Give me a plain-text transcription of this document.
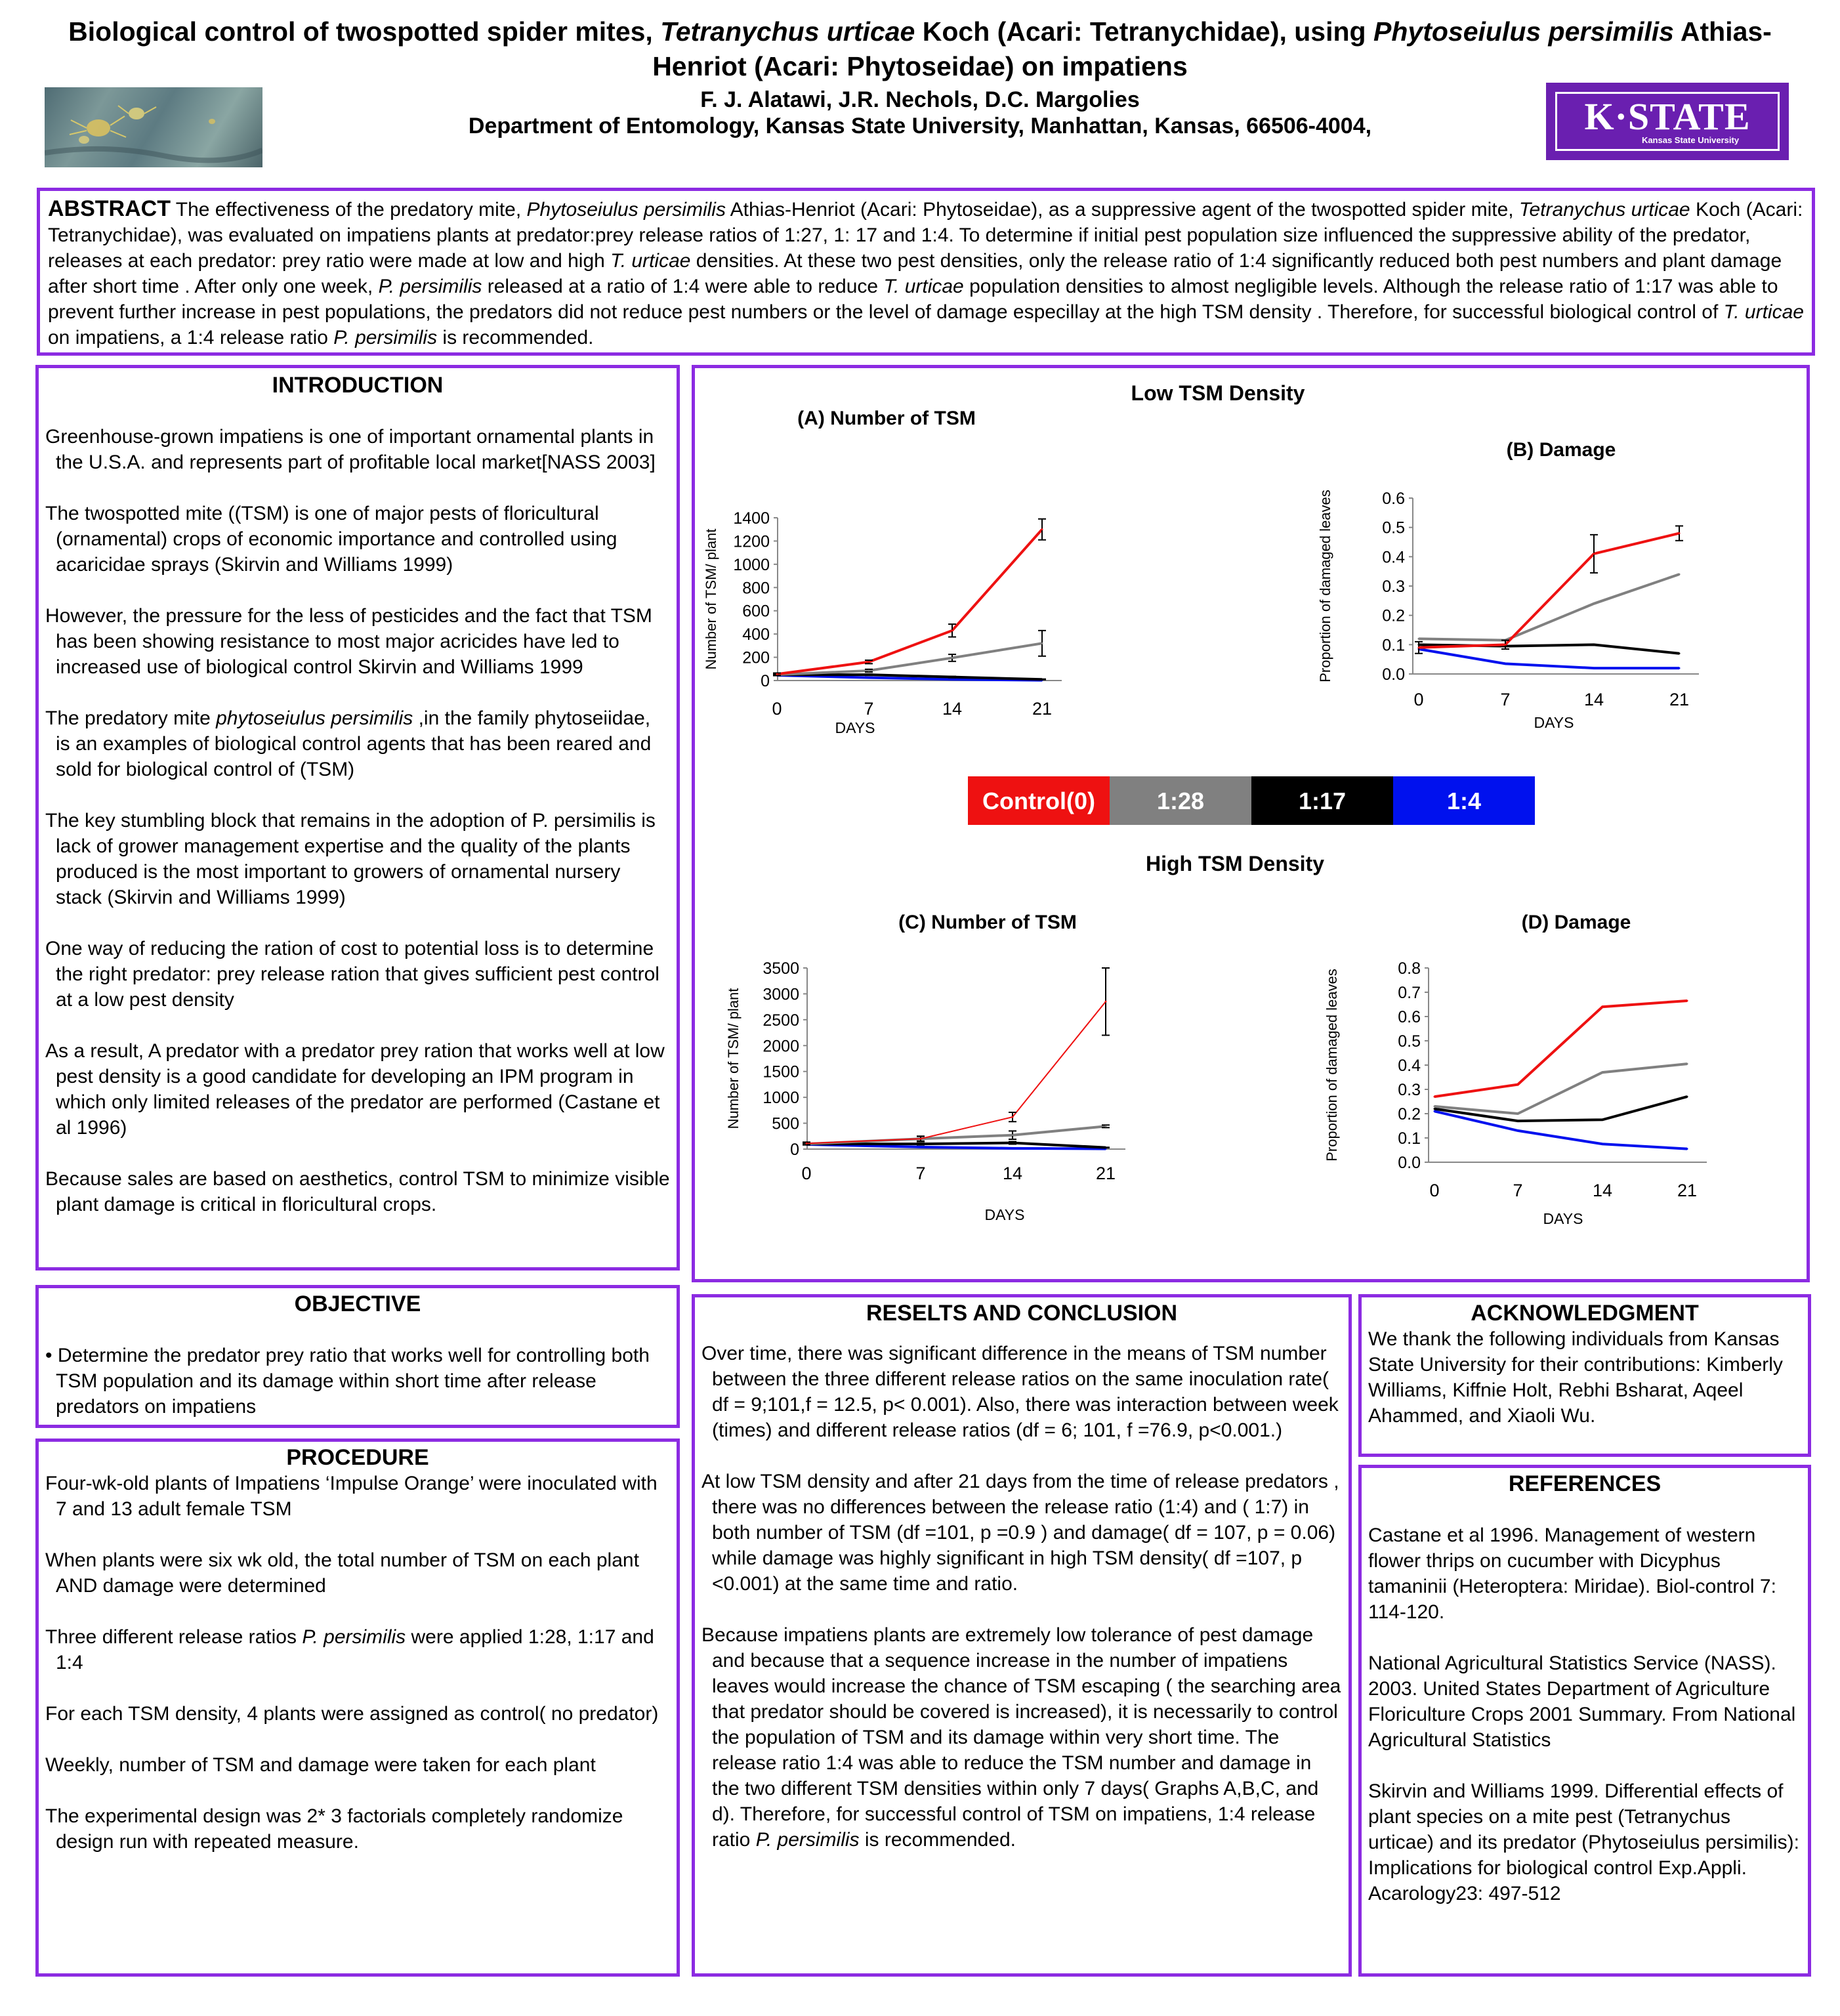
Biological control of twospotted spider mites, Tetranychus urticae Koch (Acari: Tetranychidae), using Phytoseiulus persimilis Athias-Henriot (Acari: Phytoseidae) on impatiens
F. J. Alatawi, J.R. Nechols, D.C. Margolies
Department of Entomology, Kansas State University, Manhattan, Kansas, 66506-4004,	K·STATE
Kansas State University
ABSTRACT The effectiveness of the predatory mite, Phytoseiulus persimilis Athias-Henriot (Acari: Phytoseidae), as a suppressive agent of the twospotted spider mite, Tetranychus urticae Koch (Acari: Tetranychidae), was evaluated on impatiens plants at predator:prey release ratios of 1:27, 1: 17 and 1:4. To determine if initial pest population size influenced the suppressive ability of the predator, releases at each predator: prey ratio were made at low and high T. urticae densities. At these two pest densities, only the release ratio of 1:4 significantly reduced both pest numbers and plant damage after short time . After only one week, P. persimilis released at a ratio of 1:4 were able to reduce T. urticae population densities to almost negligible levels. Although the release ratio of 1:17 was able to prevent further increase in pest populations, the predators did not reduce pest numbers or the level of damage especillay at the high TSM density . Therefore, for successful biological control of T. urticae on impatiens, a 1:4 release ratio P. persimilis is recommended.
INTRODUCTION

Greenhouse-grown impatiens is one of important ornamental plants in the U.S.A. and represents part of profitable local market[NASS 2003]

The twospotted mite ((TSM) is one of major pests of floricultural (ornamental) crops of economic importance and controlled using acaricidae sprays (Skirvin and Williams 1999)

However, the pressure for the less of pesticides and the fact that TSM has been showing resistance to most major acricides have led to increased use of biological control Skirvin and Williams 1999

The predatory mite phytoseiulus persimilis ,in the family phytoseiidae, is an examples of biological control agents that has been reared and sold for biological control of (TSM)

The key stumbling block that remains in the adoption of P. persimilis is lack of grower management expertise and the quality of the plants produced is the most important to growers of ornamental nursery stack (Skirvin and Williams 1999)

One way of reducing the ration of cost to potential loss is to determine the right predator: prey release ration that gives sufficient pest control at a low pest density

As a result, A predator with a predator prey ration that works well at low pest density is a good candidate for developing an IPM program in which only limited releases of the predator are performed (Castane et al 1996)

Because sales are based on aesthetics, control TSM to minimize visible plant damage is critical in floricultural crops.

OBJECTIVE
• Determine the predator prey ratio that works well for controlling both TSM population and its damage within short time after release predators on impatiens
PROCEDURE

Four-wk-old plants of Impatiens ‘Impulse Orange’ were inoculated with 7 and 13 adult female TSM

When plants were six wk old, the total number of TSM on each plant AND damage were determined

Three different release ratios P. persimilis were applied 1:28, 1:17 and 1:4

For each TSM density, 4 plants were assigned as control( no predator)

Weekly, number of TSM and damage were taken for each plant

The experimental design was 2* 3 factorials completely randomize design run with repeated measure.

Low TSM Density
High TSM Density
Control(0)	1:28	1:17	1:4
(A) Number of TSM
0
200
400
600
800
1000
1200
1400
0	7	14	21
DAYS
Number of TSM/ plant
(B) Damage
0.0
0.1
0.2
0.3
0.4
0.5
0.6
0	7	14	21
DAYS
Proportion of damaged leaves
(C) Number of TSM
0
500
1000
1500
2000
2500
3000
3500
0	7	14	21
DAYS
Number of TSM/ plant
(D) Damage
0.0
0.1
0.2
0.3
0.4
0.5
0.6
0.7
0.8
0	7	14	21
DAYS
Proportion of damaged leaves
RESELTS AND CONCLUSION

Over time, there was significant difference in the means of TSM number between the three different release ratios on the same inoculation rate( df = 9;101,f = 12.5, p< 0.001). Also, there was interaction between week (times) and different release ratios (df = 6; 101, f =76.9, p<0.001.)

At low TSM density and after 21 days from the time of release predators , there was no differences between the release ratio (1:4) and ( 1:7) in both number of TSM (df =101, p =0.9 ) and damage( df = 107, p = 0.06) while damage was highly significant in high TSM density( df =107, p <0.001) at the same time and ratio.

Because impatiens plants are extremely low tolerance of pest damage and because that a sequence increase in the number of impatiens leaves would increase the chance of TSM escaping ( the searching area that predator should be covered is increased), it is necessarily to control the population of TSM and its damage within very short time. The release ratio 1:4 was able to reduce the TSM number and damage in the two different TSM densities within only 7 days( Graphs A,B,C, and d). Therefore, for successful control of TSM on impatiens, 1:4 release ratio P. persimilis is recommended.

ACKNOWLEDGMENT
We thank the following individuals from Kansas State University for their contributions: Kimberly Williams, Kiffnie Holt, Rebhi Bsharat, Aqeel Ahammed, and Xiaoli Wu.
REFERENCES

Castane et al 1996. Management of western flower thrips on cucumber with Dicyphus tamaninii (Heteroptera: Miridae). Biol-control 7: 114-120.

National Agricultural Statistics Service (NASS). 2003. United States Department of Agriculture Floriculture Crops 2001 Summary. From National Agricultural Statistics

Skirvin and Williams 1999. Differential effects of plant species on a mite pest (Tetranychus urticae) and its predator (Phytoseiulus persimilis): Implications for biological control Exp.Appli. Acarology23: 497-512
